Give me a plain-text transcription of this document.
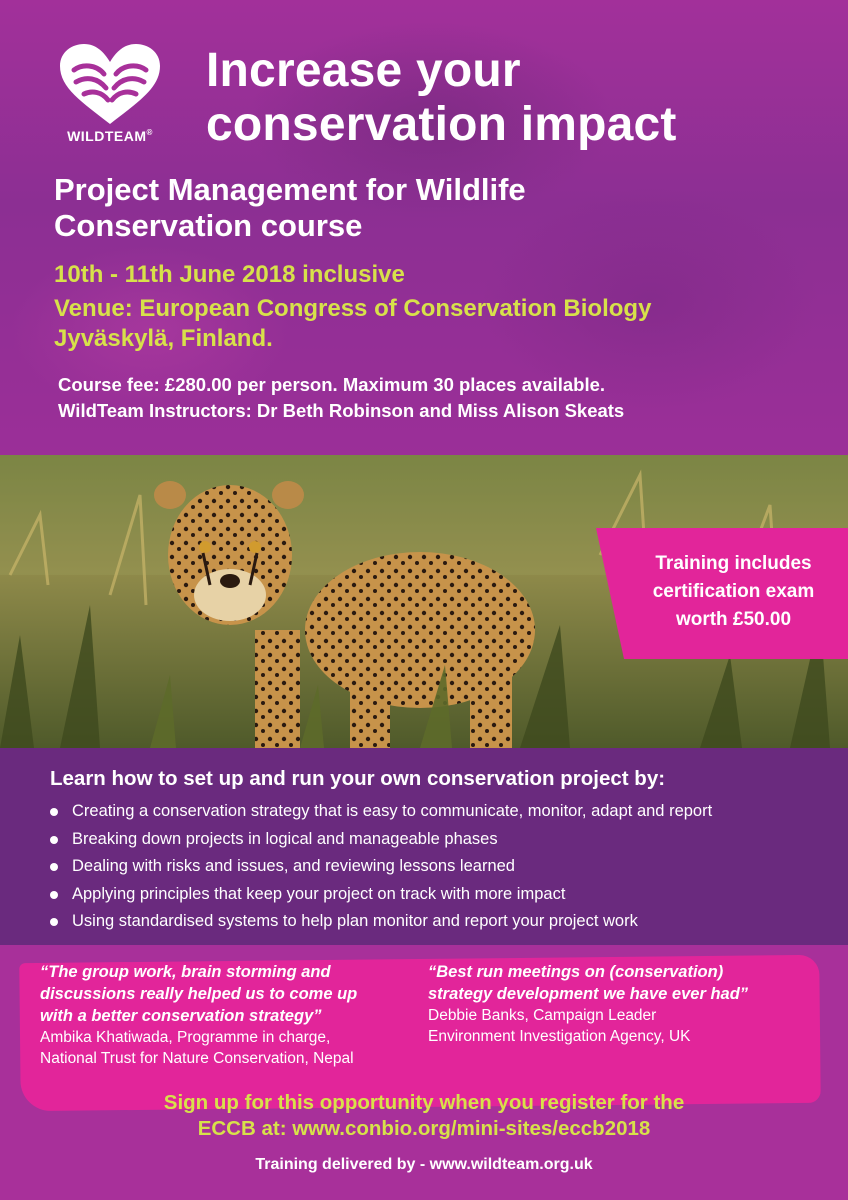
WILDTEAM®
Increase your
conservation impact
Project Management for Wildlife
Conservation course
10th - 11th June 2018 inclusive
Venue: European Congress of Conservation Biology
Jyväskylä, Finland.
Course fee: £280.00 per person. Maximum 30 places available.
WildTeam Instructors: Dr Beth Robinson and Miss Alison Skeats
Training includes
certification exam
worth £50.00
Learn how to set up and run your own conservation project by:
Creating a conservation strategy that is easy to communicate, monitor, adapt and report
Breaking down projects in logical and manageable phases
Dealing with risks and issues, and reviewing lessons learned
Applying principles that keep your project on track with more impact
Using standardised systems to help plan monitor and report your project work
“The group work, brain storming and
discussions really helped us to come up
with a better conservation strategy”
Ambika Khatiwada, Programme in charge,
National Trust for Nature Conservation, Nepal
“Best run meetings on (conservation)
strategy development we have ever had”
Debbie Banks, Campaign Leader
Environment Investigation Agency, UK
Sign up for this opportunity when you register for the
ECCB at: www.conbio.org/mini-sites/eccb2018
Training delivered by - www.wildteam.org.uk
